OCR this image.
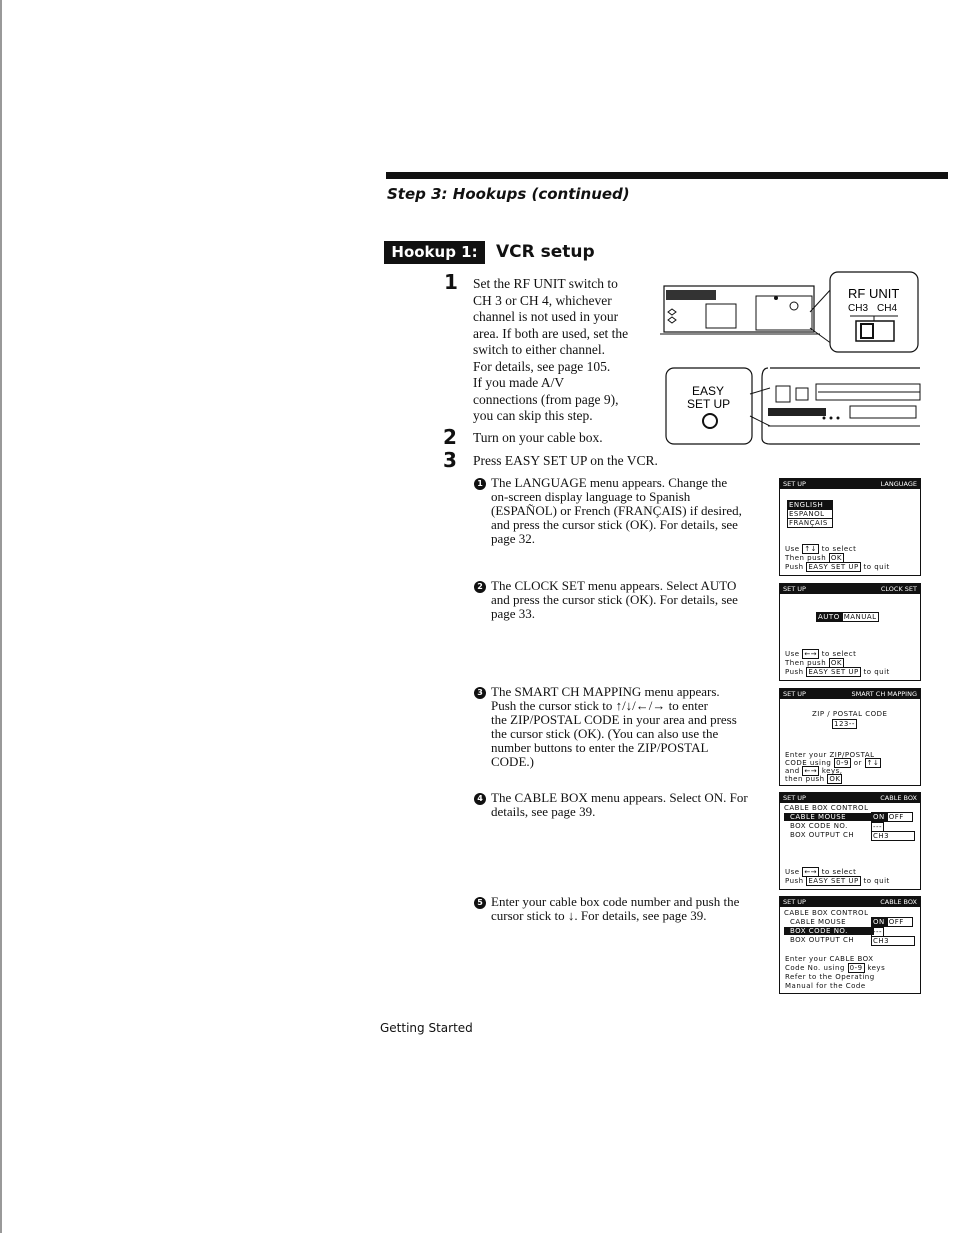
Step 3: Hookups (continued)
Hookup 1:	VCR setup
1 Set the RF UNIT switch to
CH 3 or CH 4, whichever
channel is not used in your
area. If both are used, set the
switch to either channel.
For details, see page 105.
If you made A/V
connections (from page 9),
you can skip this step.
2 Turn on your cable box.
3 Press EASY SET UP on the VCR.
RF UNIT
CH3 CH4
EASY
SET UP
1 The LANGUAGE menu appears. Change the
on-screen display language to Spanish
(ESPAÑOL) or French (FRANÇAIS) if desired,
and press the cursor stick (OK). For details, see
page 32.
2 The CLOCK SET menu appears. Select AUTO
and press the cursor stick (OK). For details, see
page 33.
3 The SMART CH MAPPING menu appears.
Push the cursor stick to ↑/↓/←/→ to enter
the ZIP/POSTAL CODE in your area and press
the cursor stick (OK). (You can also use the
number buttons to enter the ZIP/POSTAL
CODE.)
4 The CABLE BOX menu appears. Select ON. For
details, see page 39.
5 Enter your cable box code number and push the
cursor stick to ↓. For details, see page 39.
SET UP	LANGUAGE
ENGLISH
ESPAÑOL
FRANÇAIS
Use ↑↓ to select
Then push OK
Push EASY SET UP to quit
SET UP	CLOCK SET
AUTO MANUAL
Use ←→ to select
Then push OK
Push EASY SET UP to quit
SET UP	SMART CH MAPPING
ZIP / POSTAL CODE
123--
Enter your ZIP/POSTAL
CODE using 0-9 or ↑↓
and ←→ keys,
then push OK
SET UP	CABLE BOX
CABLE BOX CONTROL
CABLE MOUSE	ON OFF
BOX CODE NO.	---
BOX OUTPUT CH	CH3
Use ←→ to select
Push EASY SET UP to quit
SET UP	CABLE BOX
CABLE BOX CONTROL
CABLE MOUSE	ON OFF
BOX CODE NO.	---
BOX OUTPUT CH	CH3
Enter your CABLE BOX
Code No. using 0-9 keys
Refer to the Operating
Manual for the Code
Getting Started
